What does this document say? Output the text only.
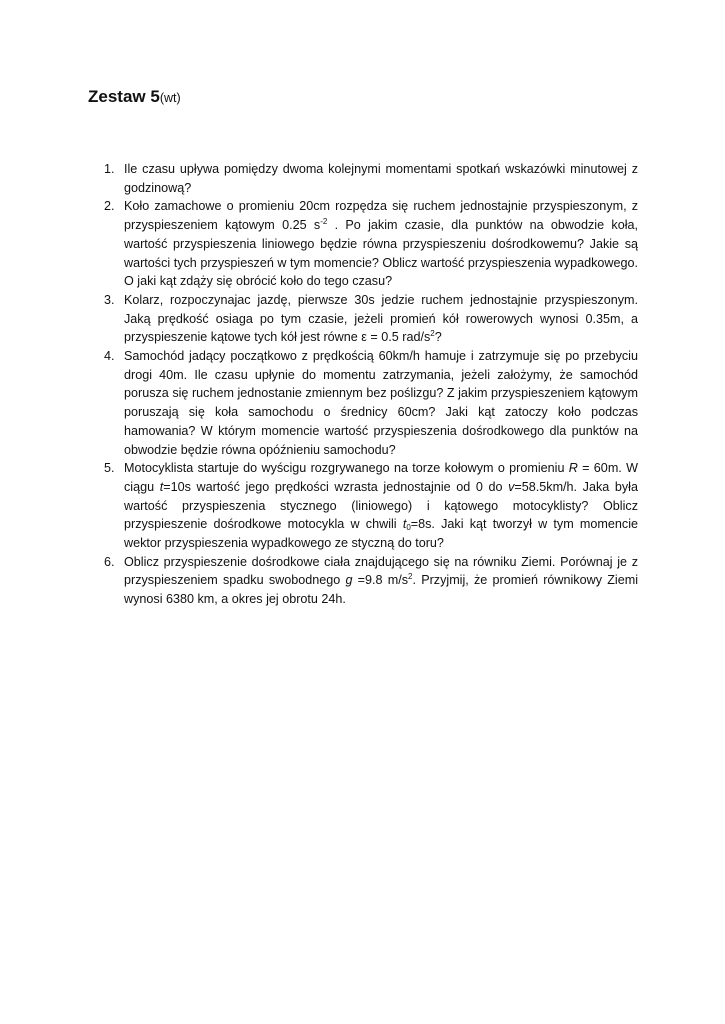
Zestaw 5(wt)
1. Ile czasu upływa pomiędzy dwoma kolejnymi momentami spotkań wskazówki minutowej z godzinową?
2. Koło zamachowe o promieniu 20cm rozpędza się ruchem jednostajnie przyspieszonym, z przyspieszeniem kątowym 0.25 $s^{-2}$ . Po jakim czasie, dla punktów na obwodzie koła, wartość przyspieszenia liniowego będzie równa przyspieszeniu dośrodkowemu? Jakie są wartości tych przyspieszeń w tym momencie? Oblicz wartość przyspieszenia wypadkowego. O jaki kąt zdąży się obrócić koło do tego czasu?
3. Kolarz, rozpoczynajac jazdę, pierwsze 30s jedzie ruchem jednostajnie przyspieszonym. Jaką prędkość osiaga po tym czasie, jeżeli promień kół rowerowych wynosi 0.35m, a przyspieszenie kątowe tych kół jest równe ε = 0.5 rad/$s^2$?
4. Samochód jadący początkowo z prędkością 60km/h hamuje i zatrzymuje się po przebyciu drogi 40m. Ile czasu upłynie do momentu zatrzymania, jeżeli założymy, że samochód porusza się ruchem jednostanie zmiennym bez poślizgu? Z jakim przyspieszeniem kątowym poruszają się koła samochodu o średnicy 60cm? Jaki kąt zatoczy koło podczas hamowania? W którym momencie wartość przyspieszenia dośrodkowego dla punktów na obwodzie będzie równa opóźnieniu samochodu?
5. Motocyklista startuje do wyścigu rozgrywanego na torze kołowym o promieniu R = 60m. W ciągu t=10s wartość jego prędkości wzrasta jednostajnie od 0 do v=58.5km/h. Jaka była wartość przyspieszenia stycznego (liniowego) i kątowego motocyklisty? Oblicz przyspieszenie dośrodkowe motocykla w chwili $t_0=8s$. Jaki kąt tworzył w tym momencie wektor przyspieszenia wypadkowego ze styczną do toru?
6. Oblicz przyspieszenie dośrodkowe ciała znajdującego się na równiku Ziemi. Porównaj je z przyspieszeniem spadku swobodnego g =9.8 $m/s^2$. Przyjmij, że promień równikowy Ziemi wynosi 6380 km, a okres jej obrotu 24h.
